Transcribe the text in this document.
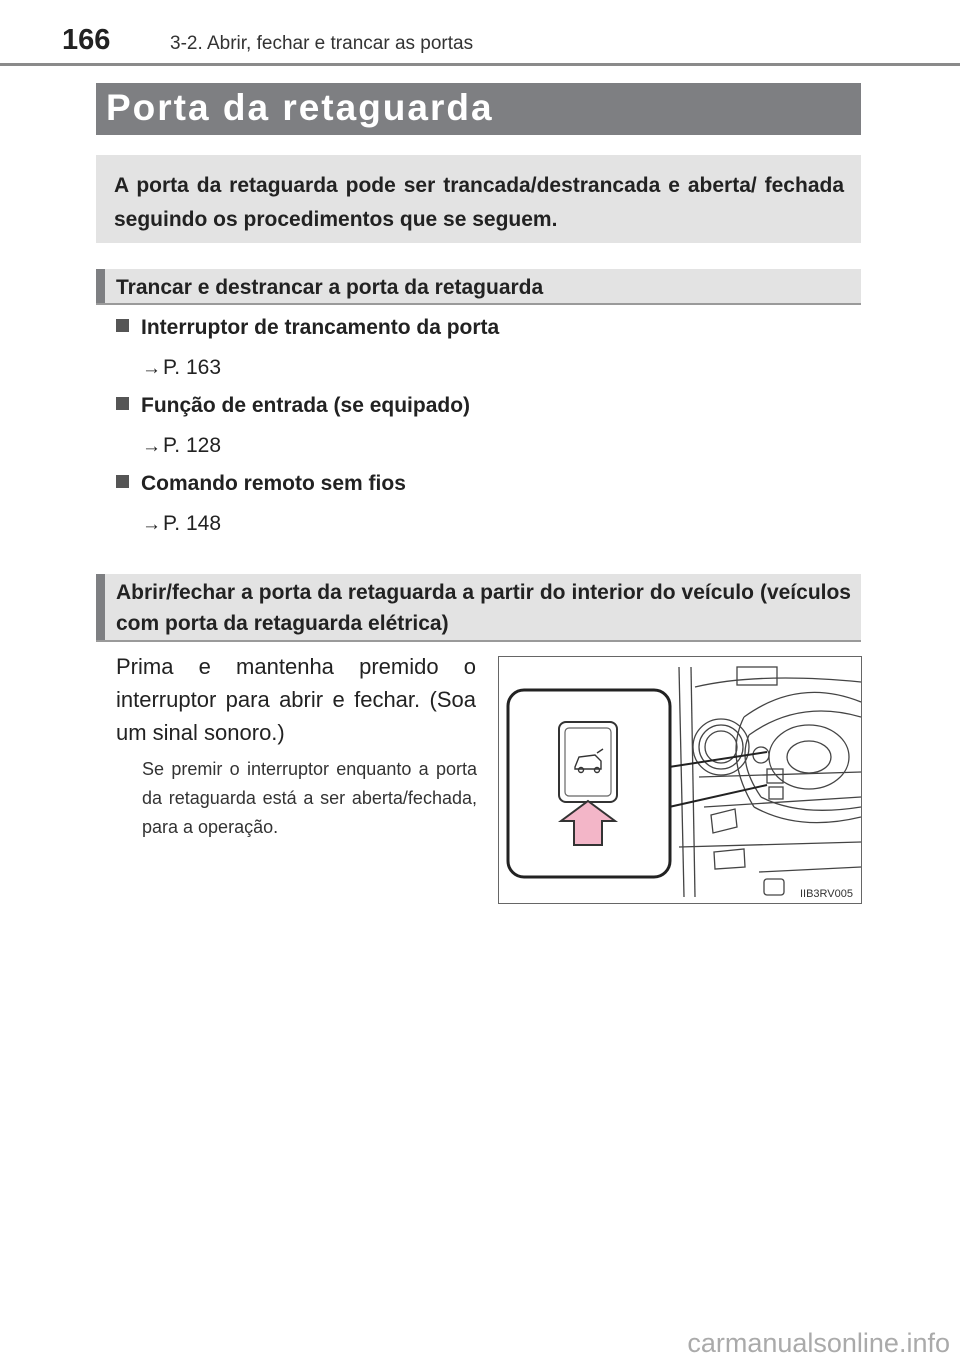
166	3-2. Abrir, fechar e trancar as portas
Porta da retaguarda
A porta da retaguarda pode ser trancada/destrancada e aberta/ fechada seguindo os procedimentos que se seguem.
Trancar e destrancar a porta da retaguarda
Interruptor de trancamento da porta
→P. 163
Função de entrada (se equipado)
→P. 128
Comando remoto sem fios
→P. 148
Abrir/fechar a porta da retaguarda a partir do interior do veículo (veículos com porta da retaguarda elétrica)
Prima e mantenha premido o interruptor para abrir e fechar. (Soa um sinal sonoro.)
Se premir o interruptor enquanto a porta da retaguarda está a ser aberta/fechada, para a operação.
IIB3RV005
carmanualsonline.info
